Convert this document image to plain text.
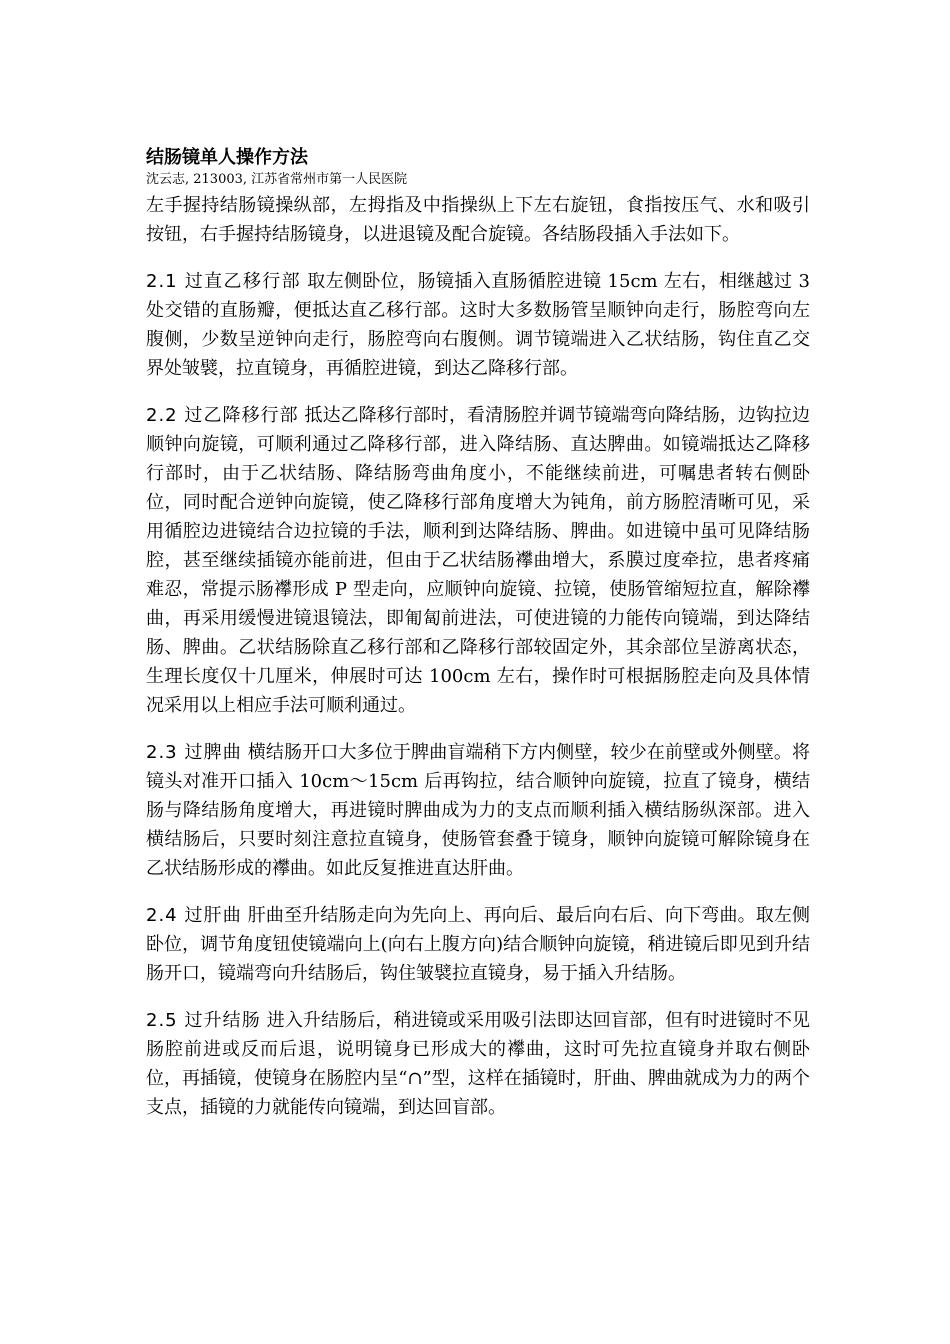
结肠镜单人操作方法

沈云志, 213003, 江苏省常州市第一人民医院

左手握持结肠镜操纵部，左拇指及中指操纵上下左右旋钮，食指按压气、水和吸引按钮，右手握持结肠镜身，以进退镜及配合旋镜。各结肠段插入手法如下。

2.1 过直乙移行部 取左侧卧位，肠镜插入直肠循腔进镜 15cm 左右，相继越过 3 处交错的直肠瓣，便抵达直乙移行部。这时大多数肠管呈顺钟向走行，肠腔弯向左腹侧，少数呈逆钟向走行，肠腔弯向右腹侧。调节镜端进入乙状结肠，钩住直乙交界处皱襞，拉直镜身，再循腔进镜，到达乙降移行部。

2.2 过乙降移行部 抵达乙降移行部时，看清肠腔并调节镜端弯向降结肠，边钩拉边顺钟向旋镜，可顺利通过乙降移行部，进入降结肠、直达脾曲。如镜端抵达乙降移行部时，由于乙状结肠、降结肠弯曲角度小，不能继续前进，可嘱患者转右侧卧位，同时配合逆钟向旋镜，使乙降移行部角度增大为钝角，前方肠腔清晰可见，采用循腔边进镜结合边拉镜的手法，顺利到达降结肠、脾曲。如进镜中虽可见降结肠腔，甚至继续插镜亦能前进，但由于乙状结肠襻曲增大，系膜过度牵拉，患者疼痛难忍，常提示肠襻形成 P 型走向，应顺钟向旋镜、拉镜，使肠管缩短拉直，解除襻曲，再采用缓慢进镜退镜法，即匍匐前进法，可使进镜的力能传向镜端，到达降结肠、脾曲。乙状结肠除直乙移行部和乙降移行部较固定外，其余部位呈游离状态，生理长度仅十几厘米，伸展时可达 100cm 左右，操作时可根据肠腔走向及具体情况采用以上相应手法可顺利通过。

2.3 过脾曲 横结肠开口大多位于脾曲盲端稍下方内侧壁，较少在前壁或外侧壁。将镜头对准开口插入 10cm～15cm 后再钩拉，结合顺钟向旋镜，拉直了镜身，横结肠与降结肠角度增大，再进镜时脾曲成为力的支点而顺利插入横结肠纵深部。进入横结肠后，只要时刻注意拉直镜身，使肠管套叠于镜身，顺钟向旋镜可解除镜身在乙状结肠形成的襻曲。如此反复推进直达肝曲。

2.4 过肝曲 肝曲至升结肠走向为先向上、再向后、最后向右后、向下弯曲。取左侧卧位，调节角度钮使镜端向上(向右上腹方向)结合顺钟向旋镜，稍进镜后即见到升结肠开口，镜端弯向升结肠后，钩住皱襞拉直镜身，易于插入升结肠。

2.5 过升结肠 进入升结肠后，稍进镜或采用吸引法即达回盲部，但有时进镜时不见肠腔前进或反而后退，说明镜身已形成大的襻曲，这时可先拉直镜身并取右侧卧位，再插镜，使镜身在肠腔内呈“∩”型，这样在插镜时，肝曲、脾曲就成为力的两个支点，插镜的力就能传向镜端，到达回盲部。
